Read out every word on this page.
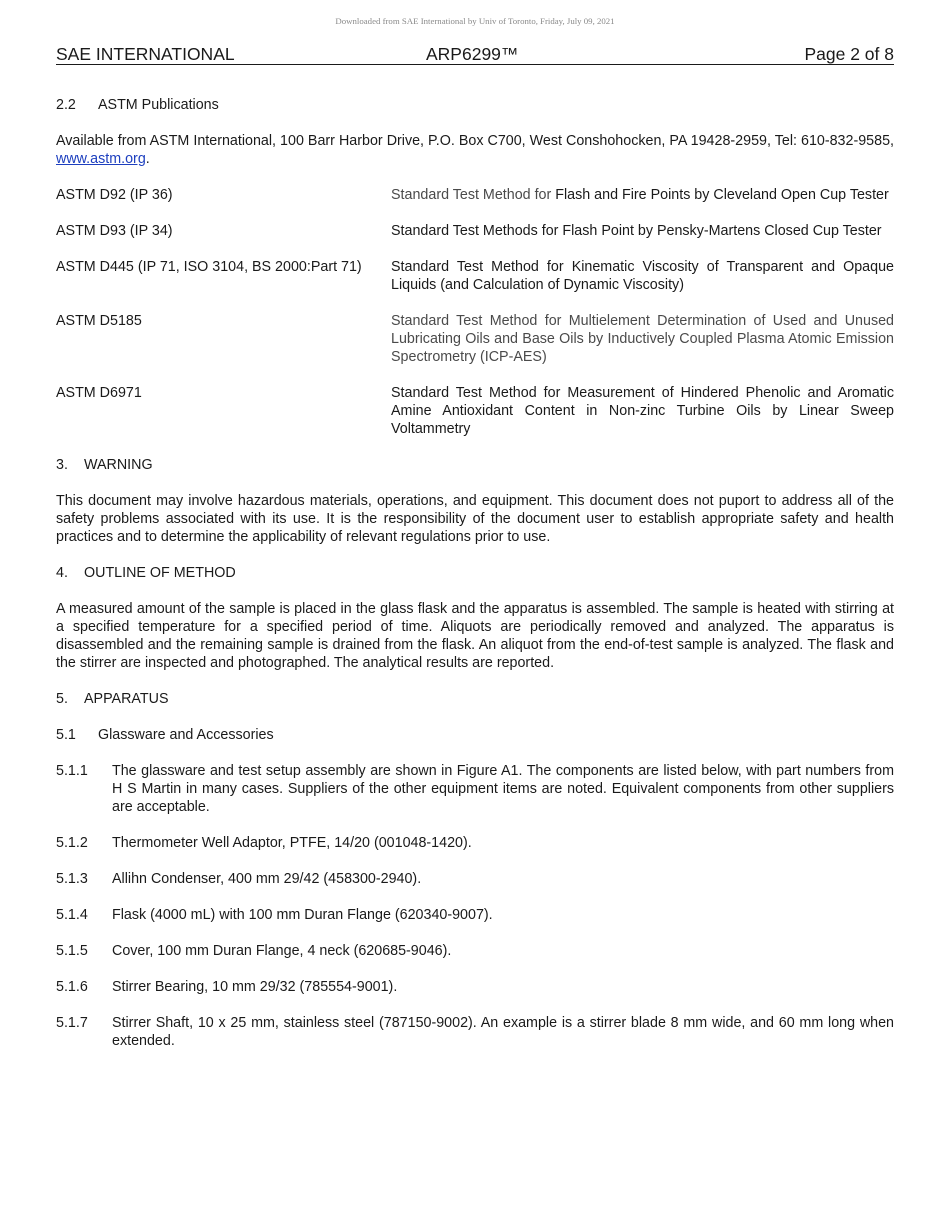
Downloaded from SAE International by Univ of Toronto, Friday, July 09, 2021
SAE INTERNATIONAL	ARP6299™	Page 2 of 8

2.2 ASTM Publications

Available from ASTM International, 100 Barr Harbor Drive, P.O. Box C700, West Conshohocken, PA 19428-2959, Tel: 610-832-9585, www.astm.org.

ASTM D92 (IP 36)	Standard Test Method for Flash and Fire Points by Cleveland Open Cup Tester
ASTM D93 (IP 34)	Standard Test Methods for Flash Point by Pensky-Martens Closed Cup Tester
ASTM D445 (IP 71, ISO 3104, BS 2000:Part 71)	Standard Test Method for Kinematic Viscosity of Transparent and Opaque Liquids (and Calculation of Dynamic Viscosity)
ASTM D5185	Standard Test Method for Multielement Determination of Used and Unused Lubricating Oils and Base Oils by Inductively Coupled Plasma Atomic Emission Spectrometry (ICP-AES)
ASTM D6971	Standard Test Method for Measurement of Hindered Phenolic and Aromatic Amine Antioxidant Content in Non-zinc Turbine Oils by Linear Sweep Voltammetry

3. WARNING

This document may involve hazardous materials, operations, and equipment. This document does not puport to address all of the safety problems associated with its use. It is the responsibility of the document user to establish appropriate safety and health practices and to determine the applicability of relevant regulations prior to use.

4. OUTLINE OF METHOD

A measured amount of the sample is placed in the glass flask and the apparatus is assembled. The sample is heated with stirring at a specified temperature for a specified period of time. Aliquots are periodically removed and analyzed. The apparatus is disassembled and the remaining sample is drained from the flask. An aliquot from the end-of-test sample is analyzed. The flask and the stirrer are inspected and photographed. The analytical results are reported.

5. APPARATUS

5.1 Glassware and Accessories

5.1.1	The glassware and test setup assembly are shown in Figure A1. The components are listed below, with part numbers from H S Martin in many cases. Suppliers of the other equipment items are noted. Equivalent components from other suppliers are acceptable.
5.1.2	Thermometer Well Adaptor, PTFE, 14/20 (001048-1420).
5.1.3	Allihn Condenser, 400 mm 29/42 (458300-2940).
5.1.4	Flask (4000 mL) with 100 mm Duran Flange (620340-9007).
5.1.5	Cover, 100 mm Duran Flange, 4 neck (620685-9046).
5.1.6	Stirrer Bearing, 10 mm 29/32 (785554-9001).
5.1.7	Stirrer Shaft, 10 x 25 mm, stainless steel (787150-9002). An example is a stirrer blade 8 mm wide, and 60 mm long when extended.
